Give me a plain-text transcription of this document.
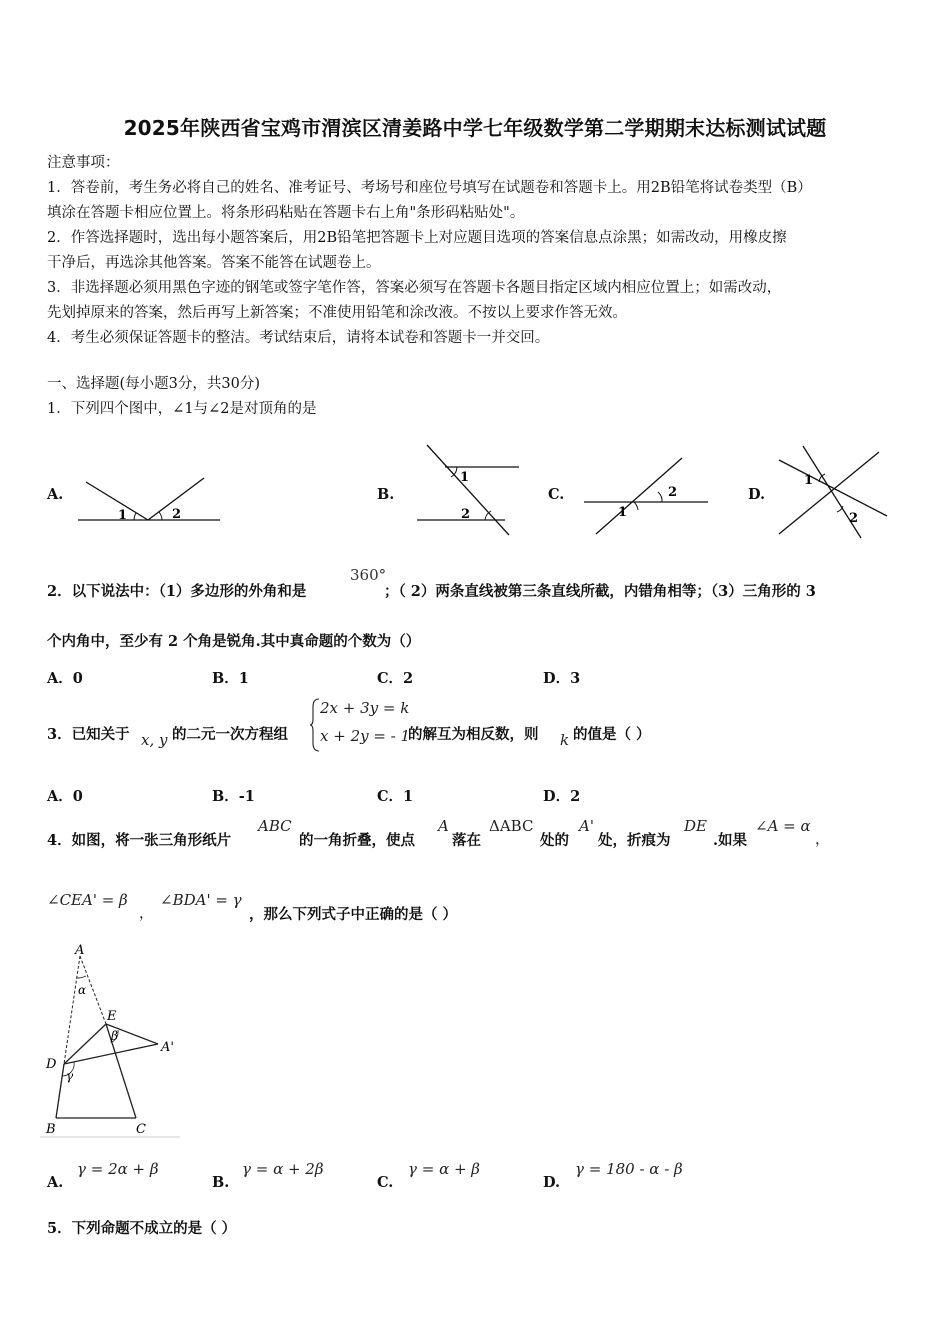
2025年陕西省宝鸡市渭滨区清姜路中学七年级数学第二学期期末达标测试试题
注意事项：
1．答卷前，考生务必将自己的姓名、准考证号、考场号和座位号填写在试题卷和答题卡上。用2B铅笔将试卷类型（B）
填涂在答题卡相应位置上。将条形码粘贴在答题卡右上角"条形码粘贴处"。
2．作答选择题时，选出每小题答案后，用2B铅笔把答题卡上对应题目选项的答案信息点涂黑；如需改动，用橡皮擦
干净后，再选涂其他答案。答案不能答在试题卷上。
3．非选择题必须用黑色字迹的钢笔或签字笔作答，答案必须写在答题卡各题目指定区域内相应位置上；如需改动，
先划掉原来的答案，然后再写上新答案；不准使用铅笔和涂改液。不按以上要求作答无效。
4．考生必须保证答题卡的整洁。考试结束后，请将本试卷和答题卡一并交回。
一、选择题(每小题3分，共30分)
1．下列四个图中，∠1与∠2是对顶角的是
A.
1	2
B.
1
2
C.	2
1
D.
1
2
2．以下说法中：（1）多边形的外角和是
360°
；（ 2）两条直线被第三条直线所截，内错角相等；（3）三角形的 3
个内角中，至少有 2 个角是锐角.其中真命题的个数为（）
A．0	B．1	C．2	D．3
3．已知关于 x, y 的二元一次方程组
2x + 3y = k
x + 2y = - 1
的解互为相反数，则 k 的值是（ ）
A．0	B．-1	C．1	D．2
4．如图，将一张三角形纸片
ABC
的一角折叠，使点
A
落在
ΔABC
处的
A'
处，折痕为
DE
.如果
∠A = α
，
∠CEA' = β
，
∠BDA' = γ
，那么下列式子中正确的是（ ）
A
α
E
β
A'
D
γ
B	C
A.
γ = 2α + β
B.
γ = α + 2β
C.
γ = α + β
D.
γ = 180 - α - β
5．下列命题不成立的是（ ）
